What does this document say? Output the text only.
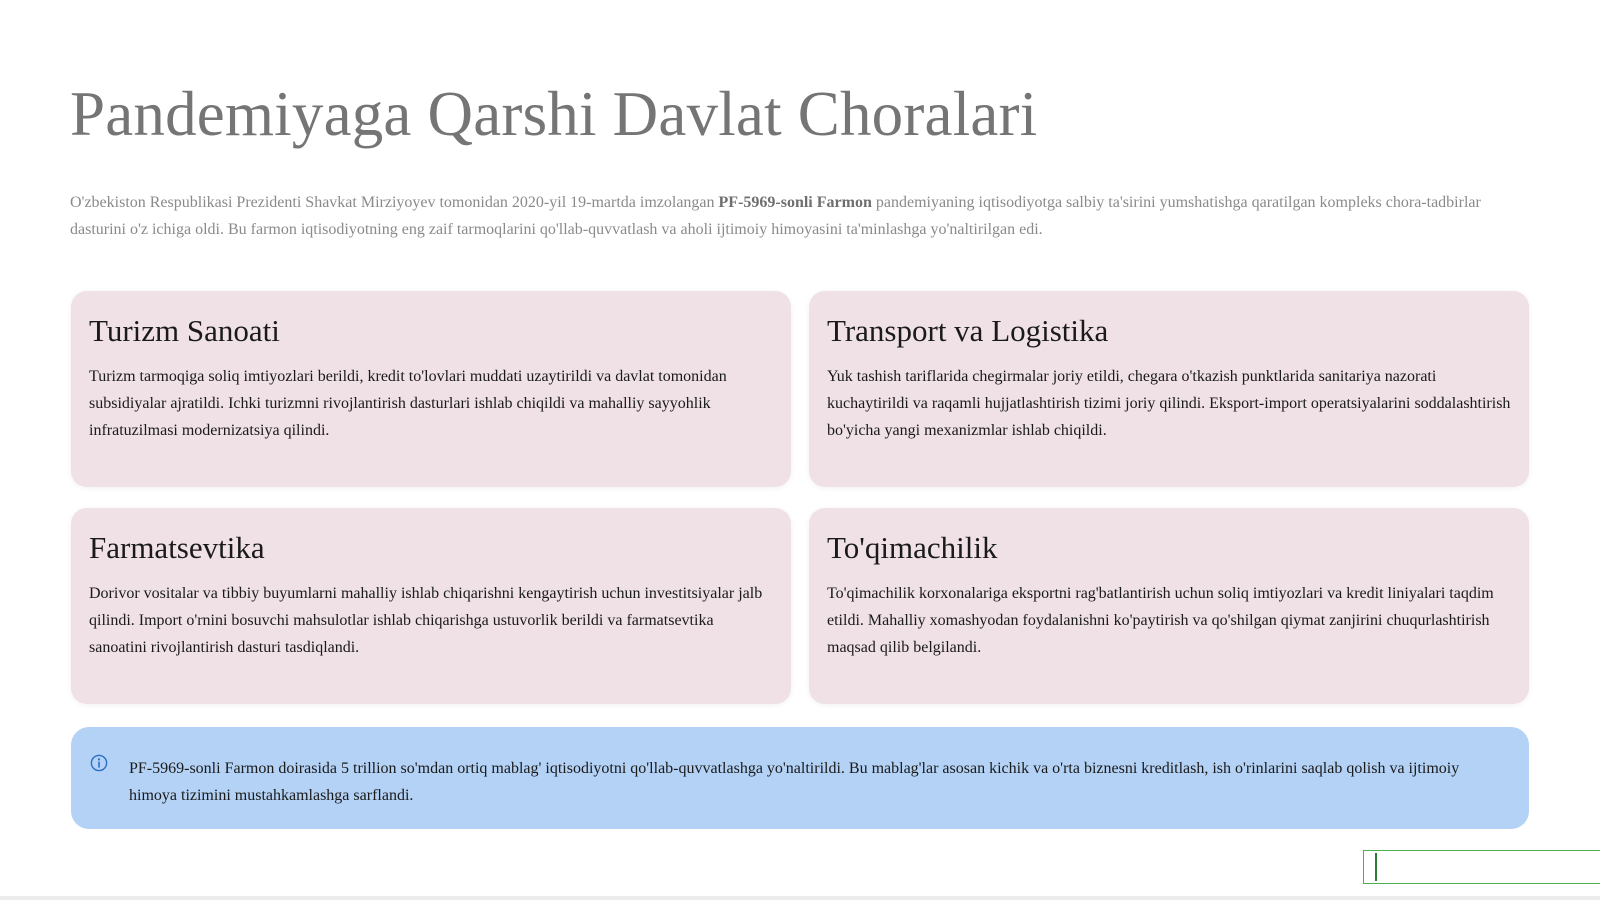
Pandemiyaga Qarshi Davlat Choralari

O'zbekiston Respublikasi Prezidenti Shavkat Mirziyoyev tomonidan 2020-yil 19-martda imzolangan PF-5969-sonli Farmon pandemiyaning iqtisodiyotga salbiy ta'sirini yumshatishga qaratilgan kompleks chora-tadbirlar dasturini o'z ichiga oldi. Bu farmon iqtisodiyotning eng zaif tarmoqlarini qo'llab-quvvatlash va aholi ijtimoiy himoyasini ta'minlashga yo'naltirilgan edi.

Turizm Sanoati

Turizm tarmoqiga soliq imtiyozlari berildi, kredit to'lovlari muddati uzaytirildi va davlat tomonidan subsidiyalar ajratildi. Ichki turizmni rivojlantirish dasturlari ishlab chiqildi va mahalliy sayyohlik infratuzilmasi modernizatsiya qilindi.

Transport va Logistika

Yuk tashish tariflarida chegirmalar joriy etildi, chegara o'tkazish punktlarida sanitariya nazorati kuchaytirildi va raqamli hujjatlashtirish tizimi joriy qilindi. Eksport-import operatsiyalarini soddalashtirish bo'yicha yangi mexanizmlar ishlab chiqildi.

Farmatsevtika

Dorivor vositalar va tibbiy buyumlarni mahalliy ishlab chiqarishni kengaytirish uchun investitsiyalar jalb qilindi. Import o'rnini bosuvchi mahsulotlar ishlab chiqarishga ustuvorlik berildi va farmatsevtika sanoatini rivojlantirish dasturi tasdiqlandi.

To'qimachilik

To'qimachilik korxonalariga eksportni rag'batlantirish uchun soliq imtiyozlari va kredit liniyalari taqdim etildi. Mahalliy xomashyodan foydalanishni ko'paytirish va qo'shilgan qiymat zanjirini chuqurlashtirish maqsad qilib belgilandi.

PF-5969-sonli Farmon doirasida 5 trillion so'mdan ortiq mablag' iqtisodiyotni qo'llab-quvvatlashga yo'naltirildi. Bu mablag'lar asosan kichik va o'rta biznesni kreditlash, ish o'rinlarini saqlab qolish va ijtimoiy himoya tizimini mustahkamlashga sarflandi.
